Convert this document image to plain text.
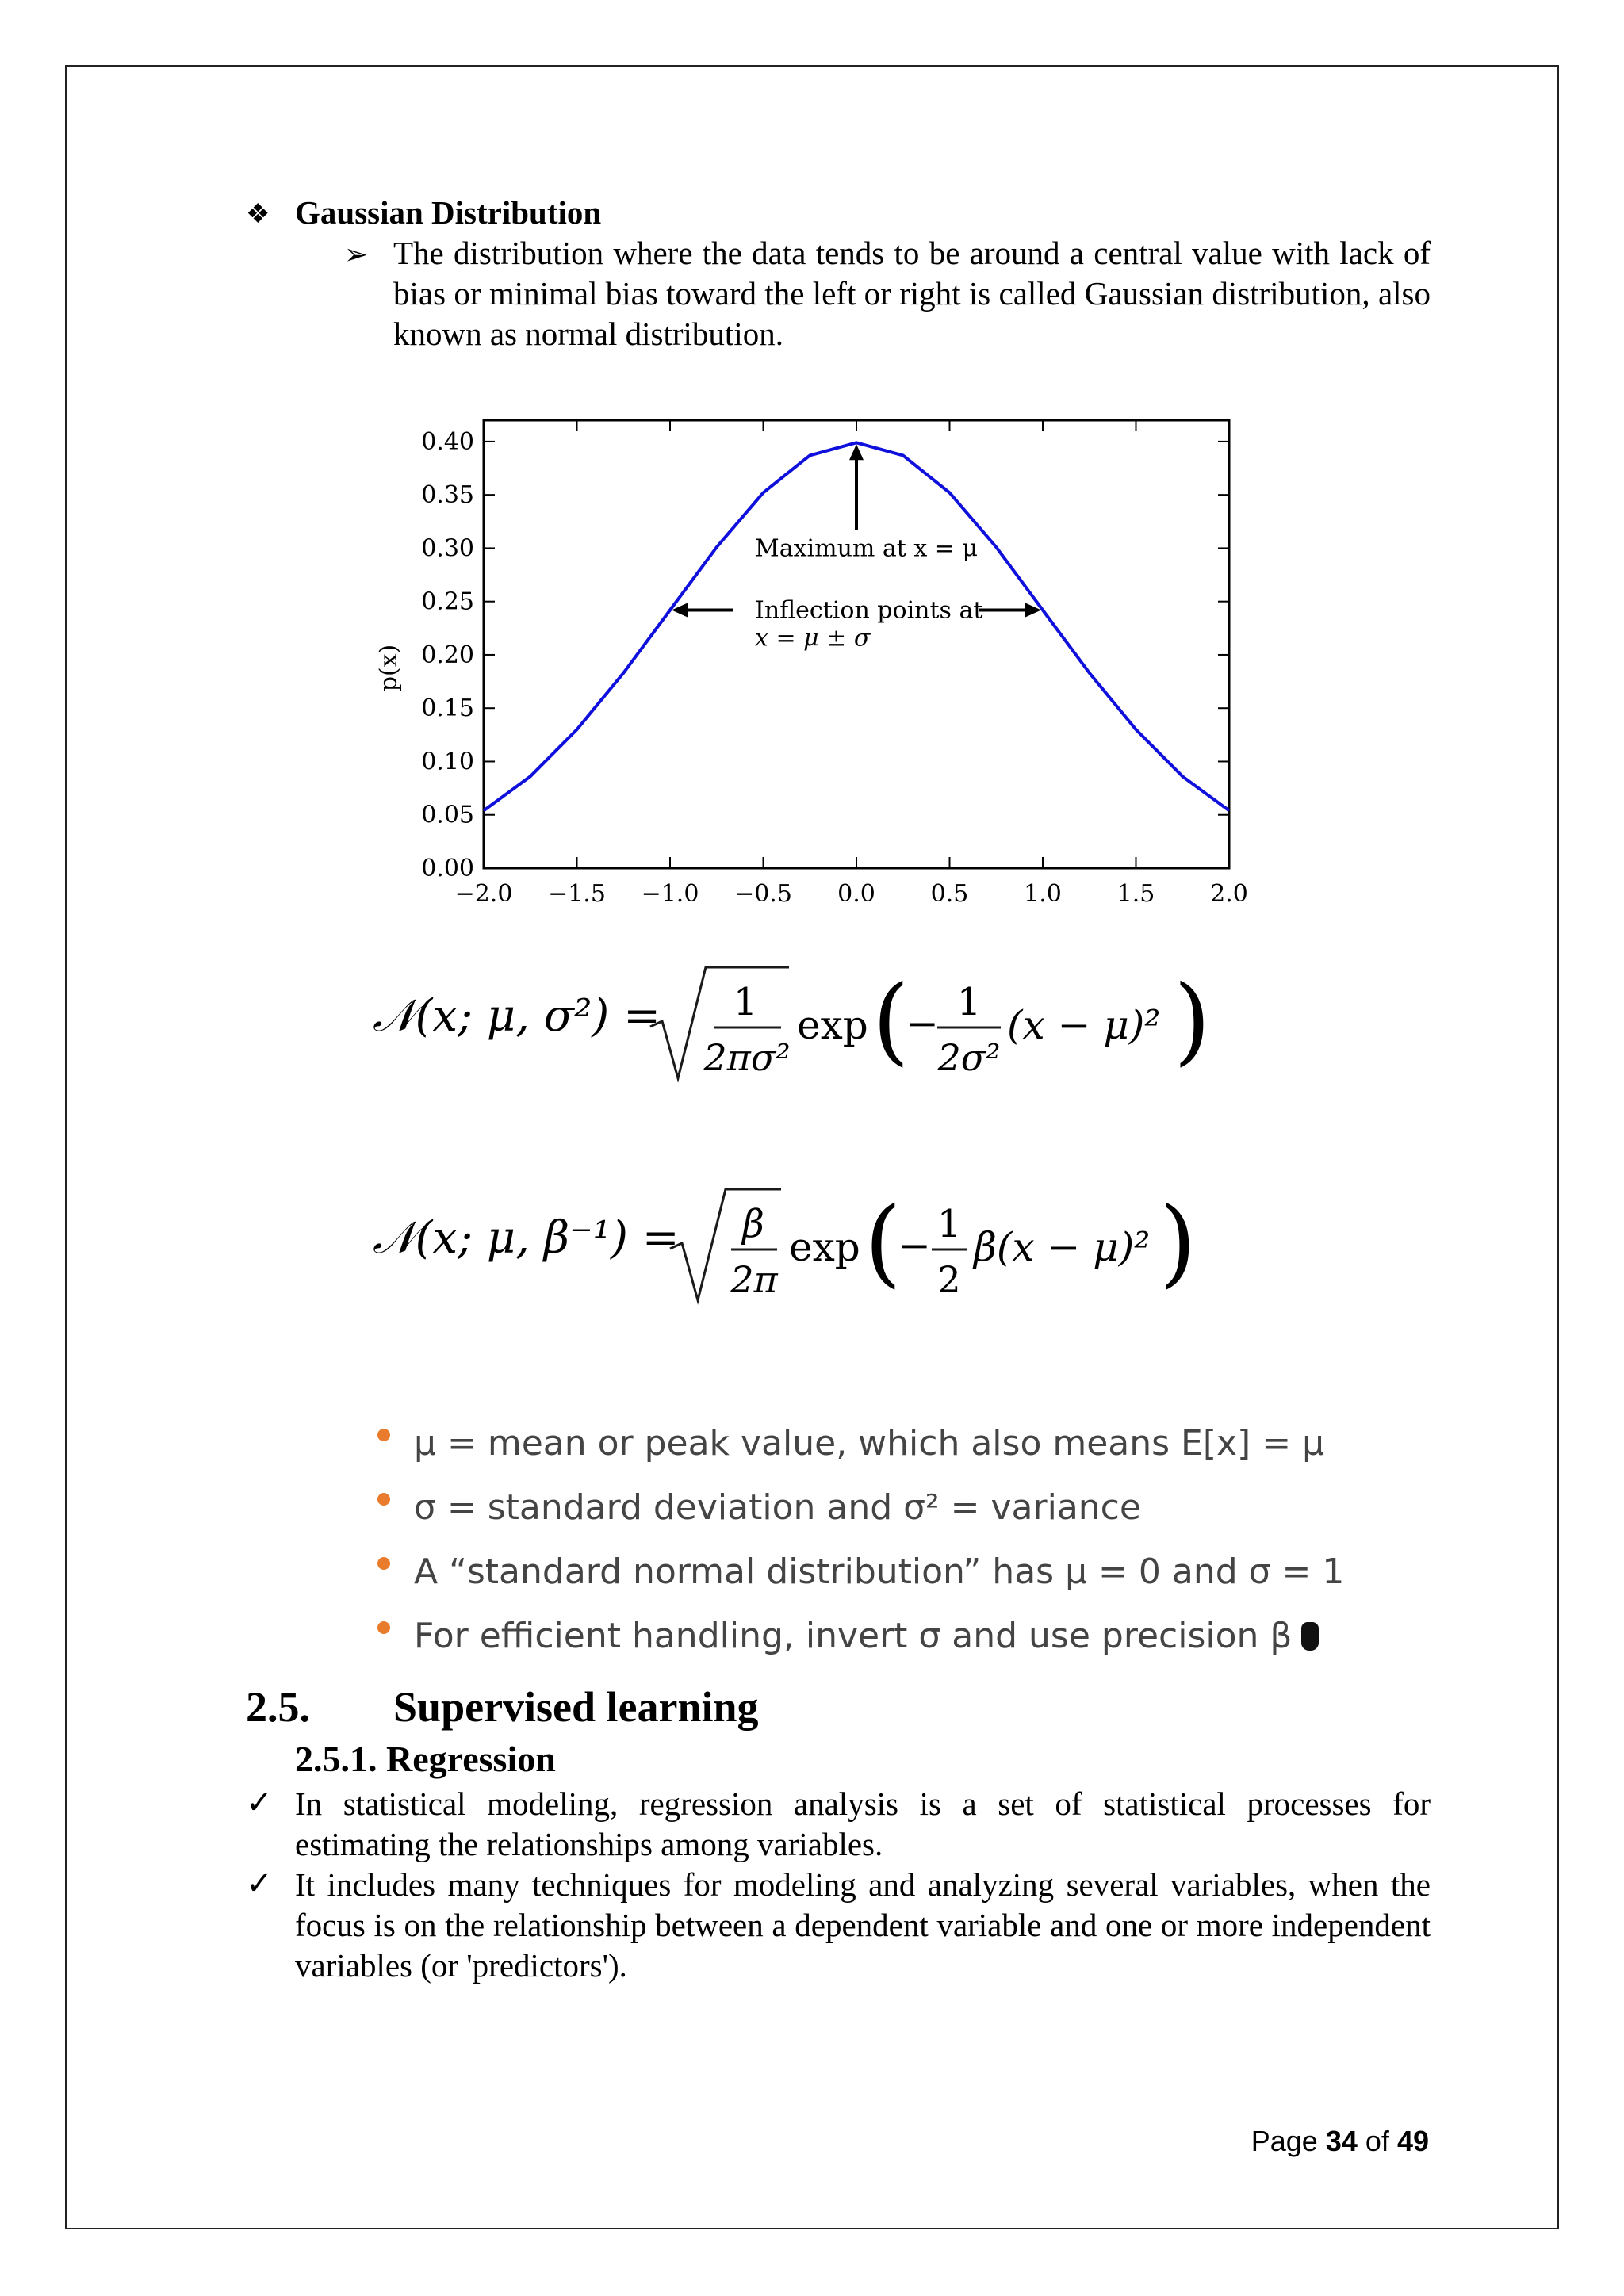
❖ Gaussian Distribution
➢ The distribution where the data tends to be around a central value with lack of bias or minimal bias toward the left or right is called Gaussian distribution, also known as normal distribution.
−2.0 −1.5 −1.0 −0.5 0.0 0.5 1.0 1.5 2.0
0.00
0.05
0.10
0.15
0.20
0.25
0.30
0.35
0.40
p(x)
Maximum at x = μ
Inflection points at
x = μ ± σ
𝒩(x; μ, σ²) = 1
2πσ²
exp (
− 1
2σ²
(x − μ)² )
𝒩(x; μ, β⁻¹) = β
2π
exp (
− 1
2
β(x − μ)² )
μ = mean or peak value, which also means E[x] = μ
σ = standard deviation and σ² = variance
A “standard normal distribution” has μ = 0 and σ = 1
For efficient handling, invert σ and use precision β
2.5. Supervised learning
2.5.1. Regression
✓ In statistical modeling, regression analysis is a set of statistical processes for estimating the relationships among variables.
✓ It includes many techniques for modeling and analyzing several variables, when the focus is on the relationship between a dependent variable and one or more independent variables (or 'predictors').
Page 34 of 49
